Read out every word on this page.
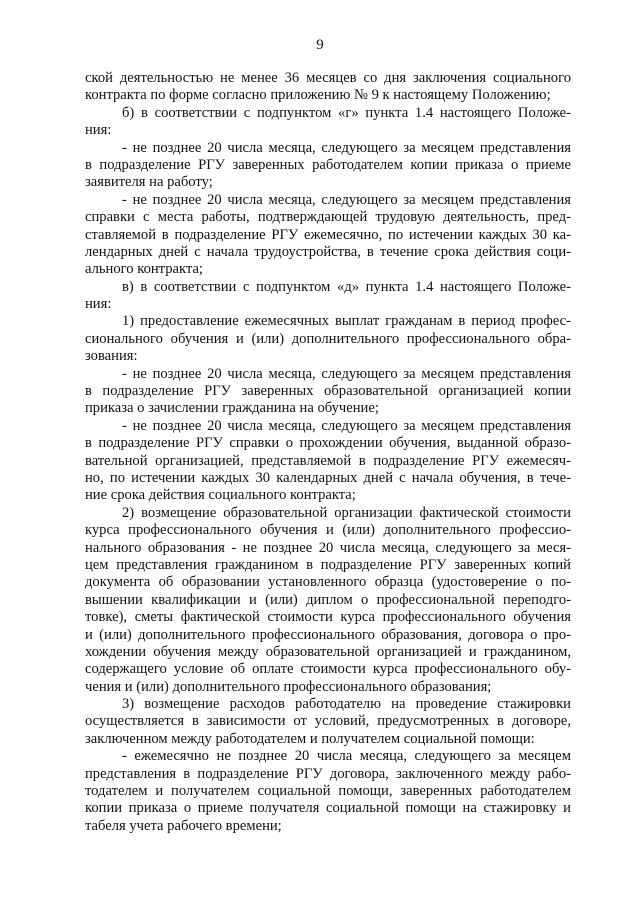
9
ской деятельностью не менее 36 месяцев со дня заключения социального
контракта по форме согласно приложению № 9 к настоящему Положению;
б) в соответствии с подпунктом «г» пункта 1.4 настоящего Положе-
ния:
- не позднее 20 числа месяца, следующего за месяцем представления
в подразделение РГУ заверенных работодателем копии приказа о приеме
заявителя на работу;
- не позднее 20 числа месяца, следующего за месяцем представления
справки с места работы, подтверждающей трудовую деятельность, пред-
ставляемой в подразделение РГУ ежемесячно, по истечении каждых 30 ка-
лендарных дней с начала трудоустройства, в течение срока действия соци-
ального контракта;
в) в соответствии с подпунктом «д» пункта 1.4 настоящего Положе-
ния:
1) предоставление ежемесячных выплат гражданам в период профес-
сионального обучения и (или) дополнительного профессионального обра-
зования:
- не позднее 20 числа месяца, следующего за месяцем представления
в подразделение РГУ заверенных образовательной организацией копии
приказа о зачислении гражданина на обучение;
- не позднее 20 числа месяца, следующего за месяцем представления
в подразделение РГУ справки о прохождении обучения, выданной образо-
вательной организацией, представляемой в подразделение РГУ ежемесяч-
но, по истечении каждых 30 календарных дней с начала обучения, в тече-
ние срока действия социального контракта;
2) возмещение образовательной организации фактической стоимости
курса профессионального обучения и (или) дополнительного профессио-
нального образования - не позднее 20 числа месяца, следующего за меся-
цем представления гражданином в подразделение РГУ заверенных копий
документа об образовании установленного образца (удостоверение о по-
вышении квалификации и (или) диплом о профессиональной переподго-
товке), сметы фактической стоимости курса профессионального обучения
и (или) дополнительного профессионального образования, договора о про-
хождении обучения между образовательной организацией и гражданином,
содержащего условие об оплате стоимости курса профессионального обу-
чения и (или) дополнительного профессионального образования;
3) возмещение расходов работодателю на проведение стажировки
осуществляется в зависимости от условий, предусмотренных в договоре,
заключенном между работодателем и получателем социальной помощи:
- ежемесячно не позднее 20 числа месяца, следующего за месяцем
представления в подразделение РГУ договора, заключенного между рабо-
тодателем и получателем социальной помощи, заверенных работодателем
копии приказа о приеме получателя социальной помощи на стажировку и
табеля учета рабочего времени;
